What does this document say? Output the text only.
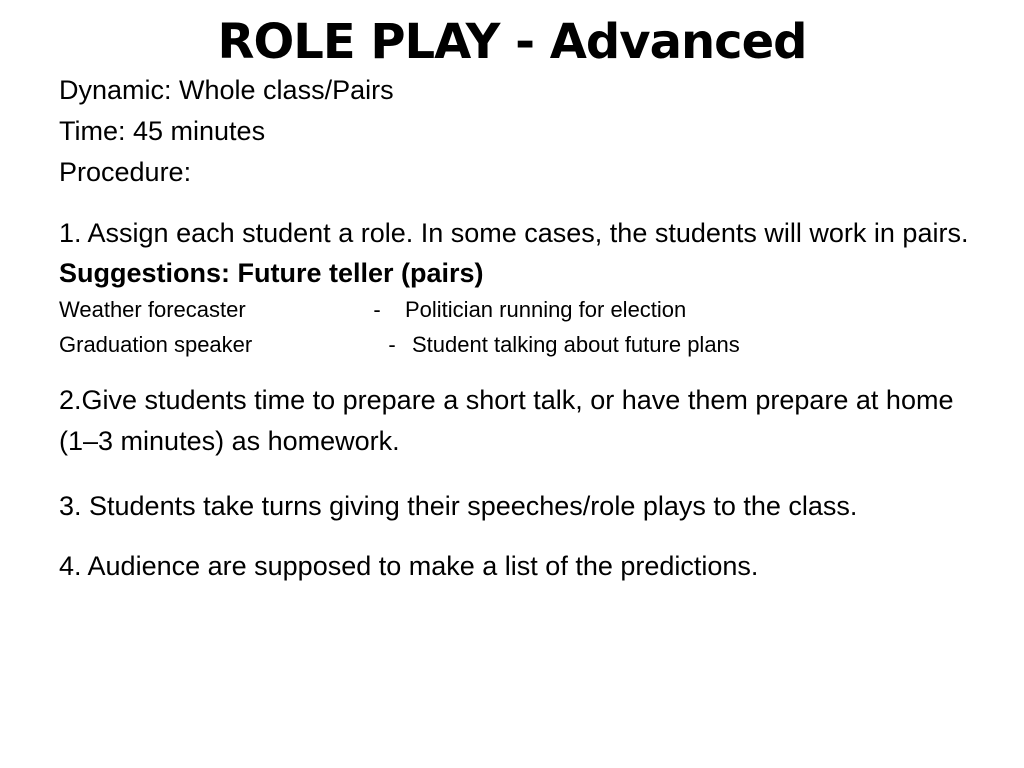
ROLE PLAY - Advanced

Dynamic: Whole class/Pairs

Time: 45 minutes

Procedure:

1. Assign each student a role. In some cases, the students will work in pairs.

Suggestions: Future teller (pairs)

Weather forecaster	-	Politician running for election
Graduation speaker	- Student talking about future plans

2.Give students time to prepare a short talk, or have them prepare at home (1–3 minutes) as homework.

3. Students take turns giving their speeches/role plays to the class.

4. Audience are supposed to make a list of the predictions.
